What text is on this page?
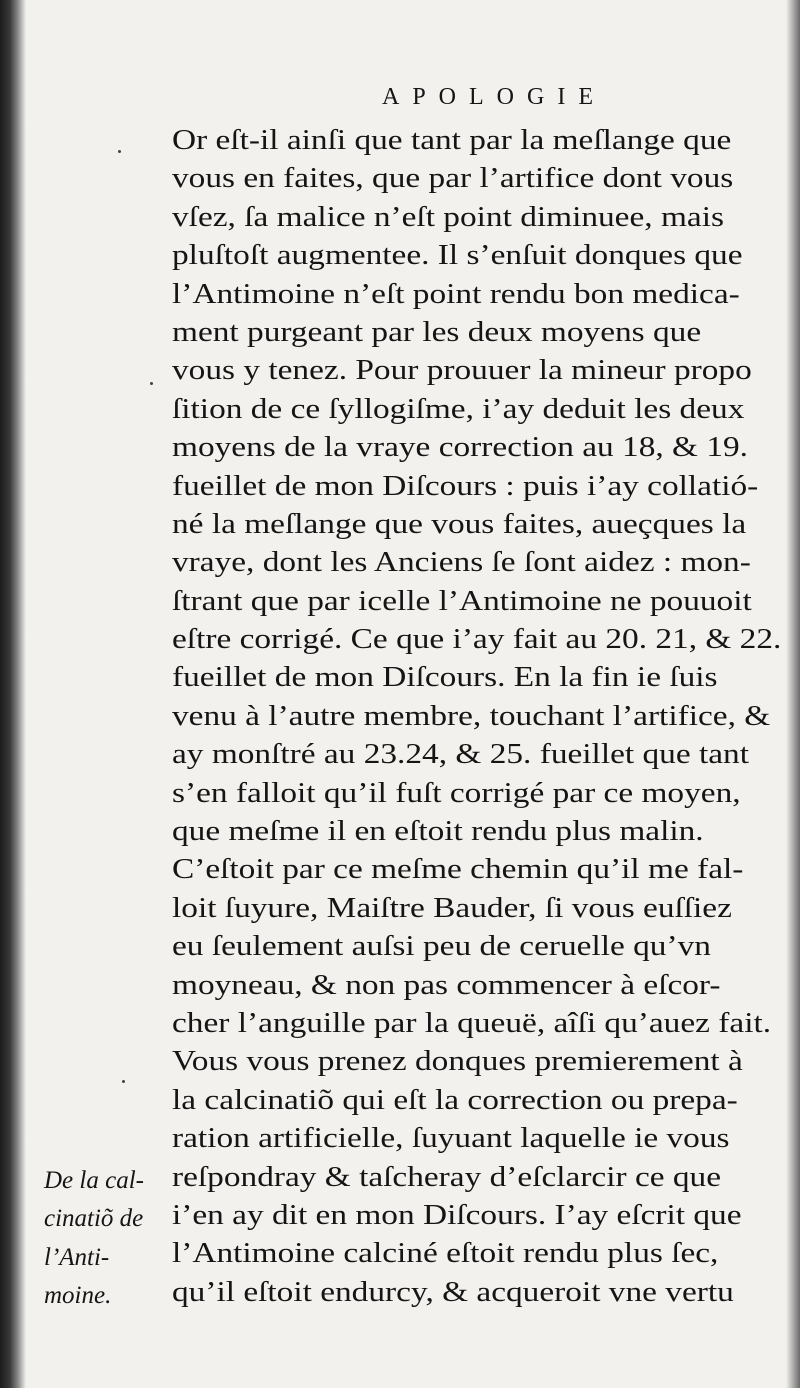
APOLOGIE
Or eſt-il ainſi que tant par la meſlange que
vous en faites, que par l’artifice dont vous
vſez, ſa malice n’eſt point diminuee, mais
pluſtoſt augmentee. Il s’enſuit donques que
l’Antimoine n’eſt point rendu bon medica-
ment purgeant par les deux moyens que
vous y tenez. Pour prouuer la mineur propo
ſition de ce ſyllogiſme, i’ay deduit les deux
moyens de la vraye correction au 18, & 19.
fueillet de mon Diſcours : puis i’ay collatió-
né la meſlange que vous faites, aueçques la
vraye, dont les Anciens ſe ſont aidez : mon-
ſtrant que par icelle l’Antimoine ne pouuoit
eſtre corrigé. Ce que i’ay fait au 20. 21, & 22.
fueillet de mon Diſcours. En la fin ie ſuis
venu à l’autre membre, touchant l’artifice, &
ay monſtré au 23.24, & 25. fueillet que tant
s’en falloit qu’il fuſt corrigé par ce moyen,
que meſme il en eſtoit rendu plus malin.
C’eſtoit par ce meſme chemin qu’il me fal-
loit ſuyure, Maiſtre Bauder, ſi vous euſſiez
eu ſeulement auſsi peu de ceruelle qu’vn
moyneau, & non pas commencer à eſcor-
cher l’anguille par la queuë, aîſi qu’auez fait.
Vous vous prenez donques premierement à
la calcinatiõ qui eſt la correction ou prepa-
ration artificielle, ſuyuant laquelle ie vous
reſpondray & taſcheray d’eſclarcir ce que
i’en ay dit en mon Diſcours. I’ay eſcrit que
l’Antimoine calciné eſtoit rendu plus ſec,
qu’il eſtoit endurcy, & acqueroit vne vertu
De la cal-
cinatiõ de
l’Anti-
moine.
